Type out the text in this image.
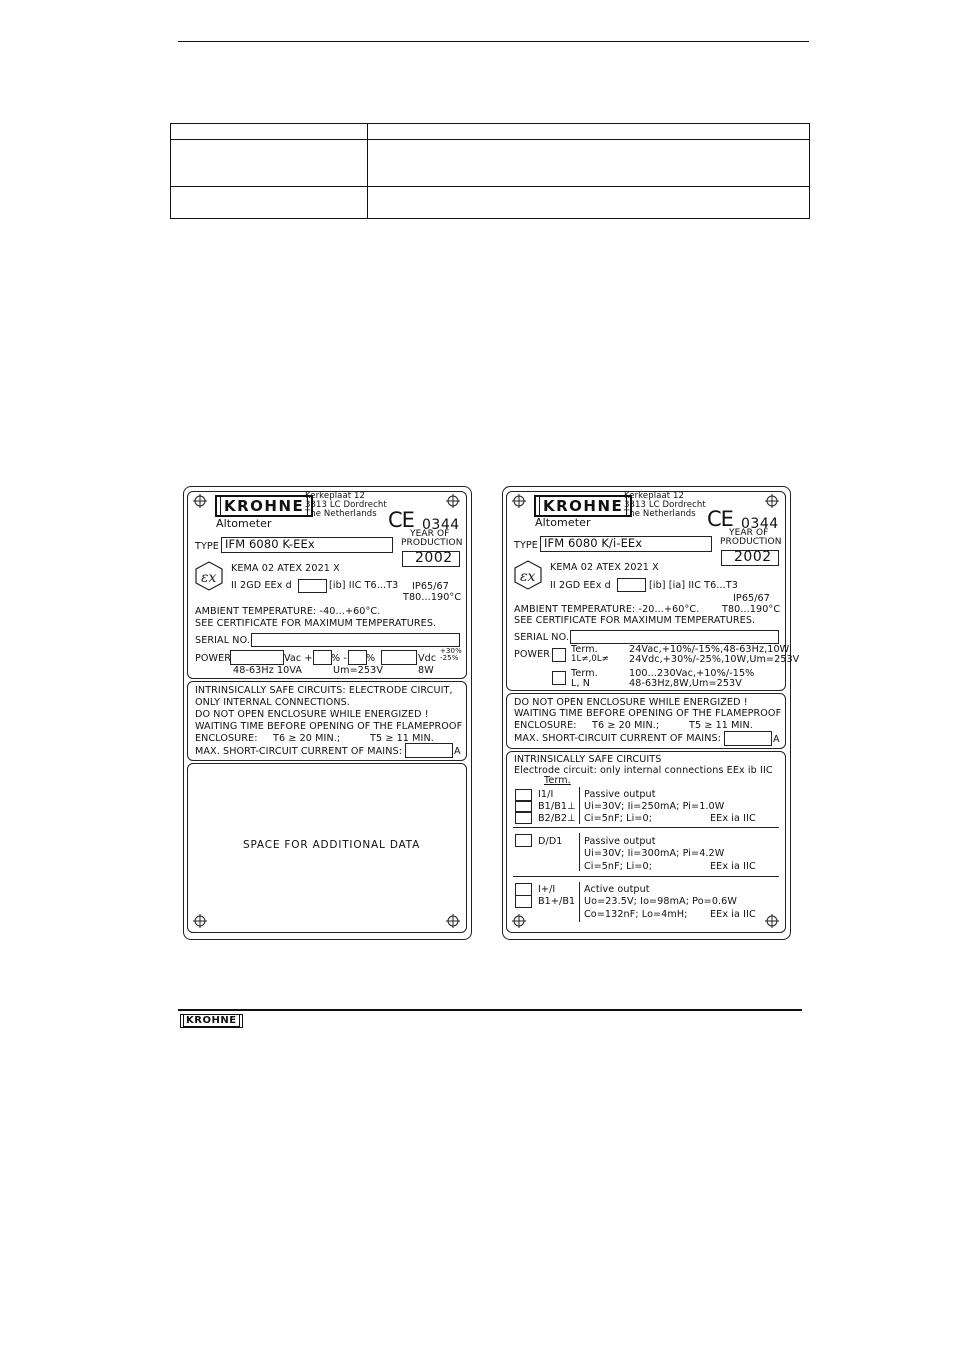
KROHNE
Kerkeplaat 12
3313 LC Dordrecht
The Netherlands
Altometer	CE 0344
TYPE IFM 6080 K-EEx
YEAR OF
PRODUCTION
2002
εx
KEMA 02 ATEX 2021 X
II 2GD EEx d	[ib] IIC T6...T3 IP65/67
T80...190°C
AMBIENT TEMPERATURE: -40...+60°C.
SEE CERTIFICATE FOR MAXIMUM TEMPERATURES.
SERIAL NO.
POWER	Vac + % - %	Vdc
+30%
-25%
48-63Hz 10VA	Um=253V	8W
INTRINSICALLY SAFE CIRCUITS: ELECTRODE CIRCUIT,
ONLY INTERNAL CONNECTIONS.
DO NOT OPEN ENCLOSURE WHILE ENERGIZED !
WAITING TIME BEFORE OPENING OF THE FLAMEPROOF
ENCLOSURE: T6 ≥ 20 MIN.;	T5 ≥ 11 MIN.
MAX. SHORT-CIRCUIT CURRENT OF MAINS:	A
SPACE FOR ADDITIONAL DATA
KROHNE
Kerkeplaat 12
3313 LC Dordrecht
The Netherlands
Altometer	CE 0344
TYPE IFM 6080 K/i-EEx
YEAR OF
PRODUCTION
2002
εx
KEMA 02 ATEX 2021 X
II 2GD EEx d	[ib] [ia] IIC T6...T3
IP65/67
AMBIENT TEMPERATURE: -20...+60°C. T80...190°C
SEE CERTIFICATE FOR MAXIMUM TEMPERATURES.
SERIAL NO.
POWER Term.	24Vac,+10%/-15%,48-63Hz,10W
1L≠,0L≠ 24Vdc,+30%/-25%,10W,Um=253V
Term.	100...230Vac,+10%/-15%
L, N	48-63Hz,8W,Um=253V
DO NOT OPEN ENCLOSURE WHILE ENERGIZED !
WAITING TIME BEFORE OPENING OF THE FLAMEPROOF
ENCLOSURE: T6 ≥ 20 MIN.;	T5 ≥ 11 MIN.
MAX. SHORT-CIRCUIT CURRENT OF MAINS:	A
INTRINSICALLY SAFE CIRCUITS
Electrode circuit: only internal connections EEx ib IIC
Term.
I1/I
B1/B1⊥
B2/B2⊥
Passive output
Ui=30V; Ii=250mA; Pi=1.0W
Ci=5nF; Li=0;	EEx ia IIC
D/D1 Passive output
Ui=30V; Ii=300mA; Pi=4.2W
Ci=5nF; Li=0;	EEx ia IIC
I+/I
B1+/B1
Active output
Uo=23.5V; Io=98mA; Po=0.6W
Co=132nF; Lo=4mH; EEx ia IIC
KROHNE
